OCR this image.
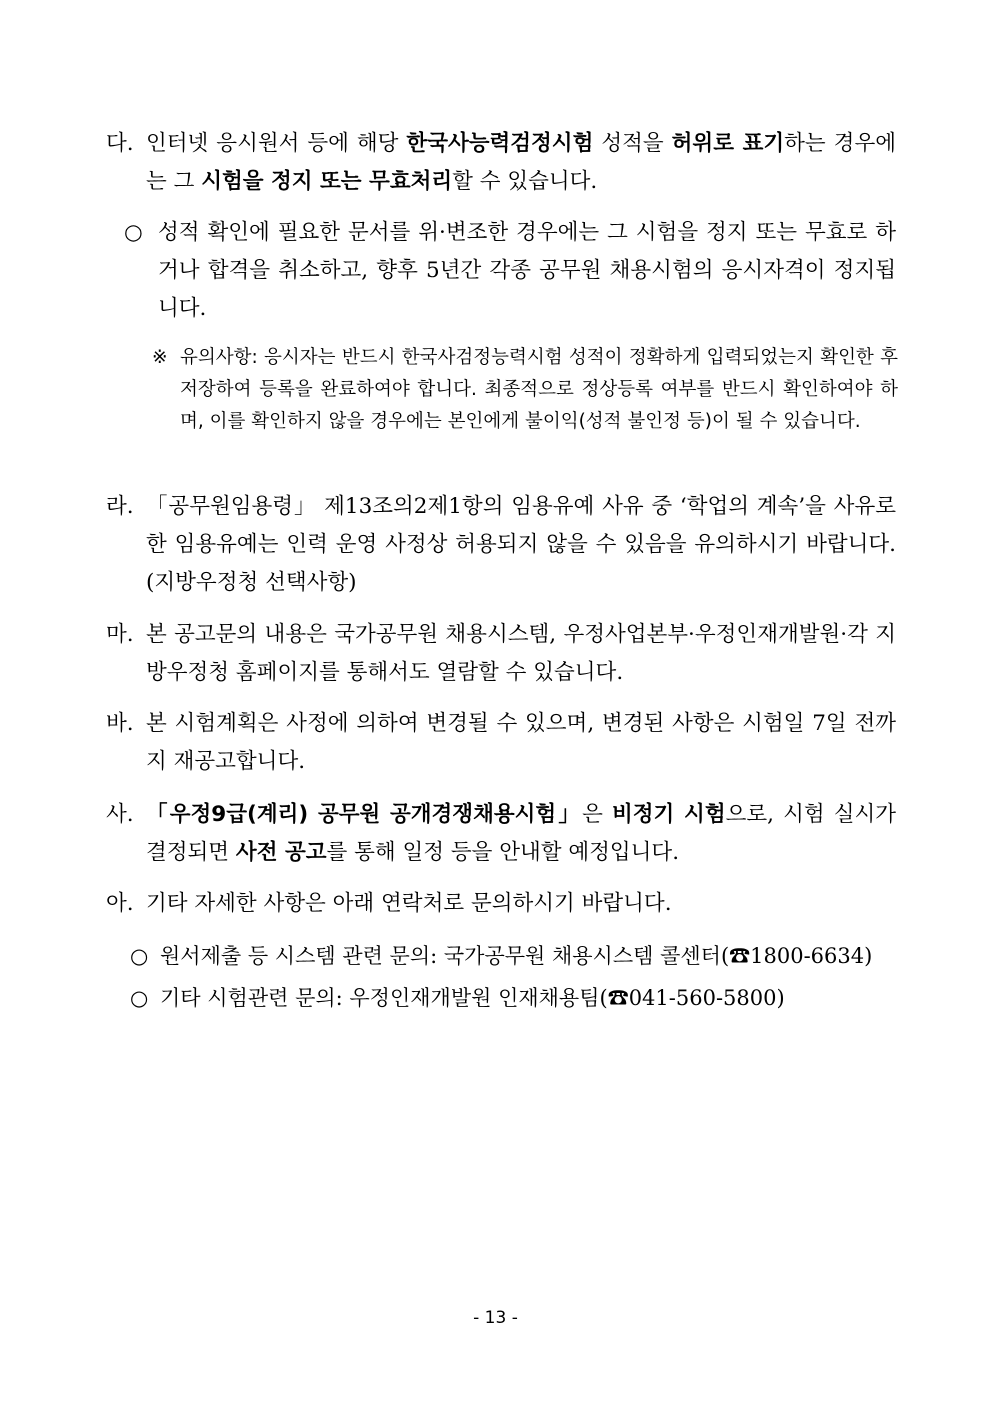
다. 인터넷 응시원서 등에 해당 한국사능력검정시험 성적을 허위로 표기하는 경우에는 그 시험을 정지 또는 무효처리할 수 있습니다.
○ 성적 확인에 필요한 문서를 위·변조한 경우에는 그 시험을 정지 또는 무효로 하거나 합격을 취소하고, 향후 5년간 각종 공무원 채용시험의 응시자격이 정지됩니다.
※ 유의사항: 응시자는 반드시 한국사검정능력시험 성적이 정확하게 입력되었는지 확인한 후 저장하여 등록을 완료하여야 합니다. 최종적으로 정상등록 여부를 반드시 확인하여야 하며, 이를 확인하지 않을 경우에는 본인에게 불이익(성적 불인정 등)이 될 수 있습니다.
라. 「공무원임용령」 제13조의2제1항의 임용유예 사유 중 ‘학업의 계속’을 사유로 한 임용유예는 인력 운영 사정상 허용되지 않을 수 있음을 유의하시기 바랍니다.(지방우정청 선택사항)
마. 본 공고문의 내용은 국가공무원 채용시스템, 우정사업본부·우정인재개발원·각 지방우정청 홈페이지를 통해서도 열람할 수 있습니다.
바. 본 시험계획은 사정에 의하여 변경될 수 있으며, 변경된 사항은 시험일 7일 전까지 재공고합니다.
사. 「우정9급(계리) 공무원 공개경쟁채용시험」은 비정기 시험으로, 시험 실시가 결정되면 사전 공고를 통해 일정 등을 안내할 예정입니다.
아. 기타 자세한 사항은 아래 연락처로 문의하시기 바랍니다.
○ 원서제출 등 시스템 관련 문의: 국가공무원 채용시스템 콜센터(☎1800-6634)
○ 기타 시험관련 문의: 우정인재개발원 인재채용팀(☎041-560-5800)
- 13 -
